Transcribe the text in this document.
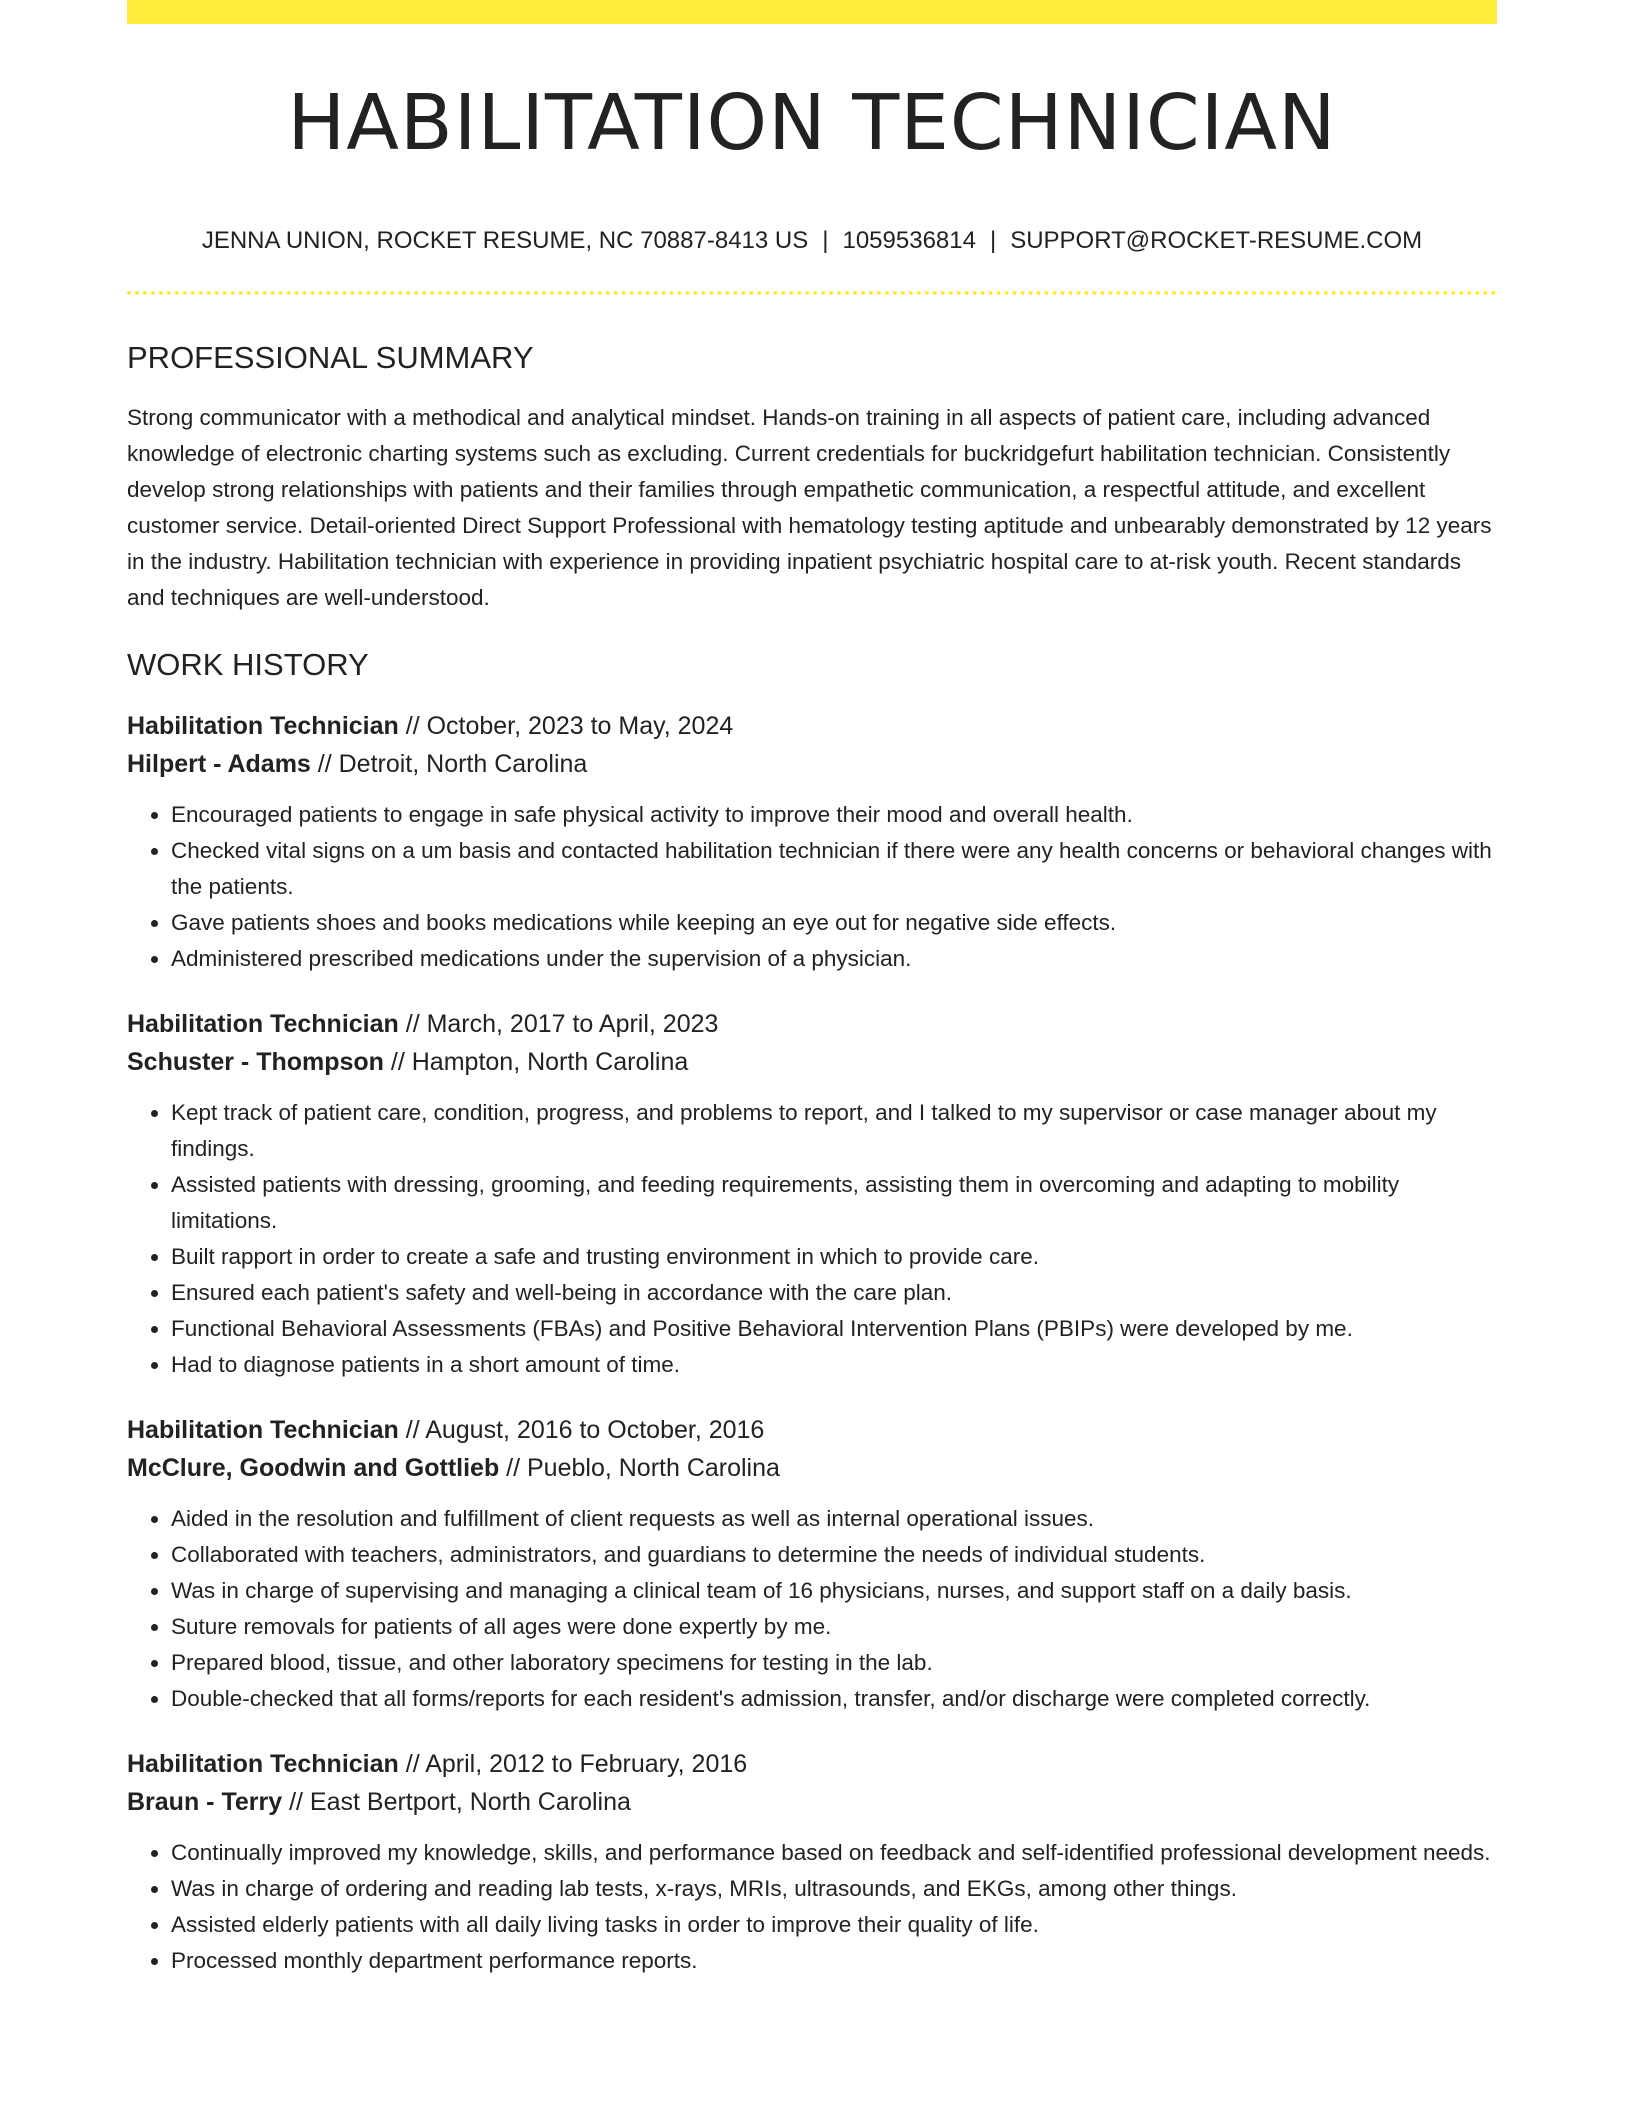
HABILITATION TECHNICIAN
JENNA UNION, ROCKET RESUME, NC 70887-8413 US | 1059536814 | SUPPORT@ROCKET-RESUME.COM
PROFESSIONAL SUMMARY

Strong communicator with a methodical and analytical mindset. Hands-on training in all aspects of patient care, including advanced knowledge of electronic charting systems such as excluding. Current credentials for buckridgefurt habilitation technician. Consistently develop strong relationships with patients and their families through empathetic communication, a respectful attitude, and excellent customer service. Detail-oriented Direct Support Professional with hematology testing aptitude and unbearably demonstrated by 12 years in the industry. Habilitation technician with experience in providing inpatient psychiatric hospital care to at-risk youth. Recent standards and techniques are well-understood.

WORK HISTORY
Habilitation Technician // October, 2023 to May, 2024
Hilpert - Adams // Detroit, North Carolina
• Encouraged patients to engage in safe physical activity to improve their mood and overall health.
• Checked vital signs on a um basis and contacted habilitation technician if there were any health concerns or behavioral changes with the patients.
• Gave patients shoes and books medications while keeping an eye out for negative side effects.
• Administered prescribed medications under the supervision of a physician.
Habilitation Technician // March, 2017 to April, 2023
Schuster - Thompson // Hampton, North Carolina
• Kept track of patient care, condition, progress, and problems to report, and I talked to my supervisor or case manager about my findings.
• Assisted patients with dressing, grooming, and feeding requirements, assisting them in overcoming and adapting to mobility limitations.
• Built rapport in order to create a safe and trusting environment in which to provide care.
• Ensured each patient's safety and well-being in accordance with the care plan.
• Functional Behavioral Assessments (FBAs) and Positive Behavioral Intervention Plans (PBIPs) were developed by me.
• Had to diagnose patients in a short amount of time.
Habilitation Technician // August, 2016 to October, 2016
McClure, Goodwin and Gottlieb // Pueblo, North Carolina
• Aided in the resolution and fulfillment of client requests as well as internal operational issues.
• Collaborated with teachers, administrators, and guardians to determine the needs of individual students.
• Was in charge of supervising and managing a clinical team of 16 physicians, nurses, and support staff on a daily basis.
• Suture removals for patients of all ages were done expertly by me.
• Prepared blood, tissue, and other laboratory specimens for testing in the lab.
• Double-checked that all forms/reports for each resident's admission, transfer, and/or discharge were completed correctly.
Habilitation Technician // April, 2012 to February, 2016
Braun - Terry // East Bertport, North Carolina
• Continually improved my knowledge, skills, and performance based on feedback and self-identified professional development needs.
• Was in charge of ordering and reading lab tests, x-rays, MRIs, ultrasounds, and EKGs, among other things.
• Assisted elderly patients with all daily living tasks in order to improve their quality of life.
• Processed monthly department performance reports.
